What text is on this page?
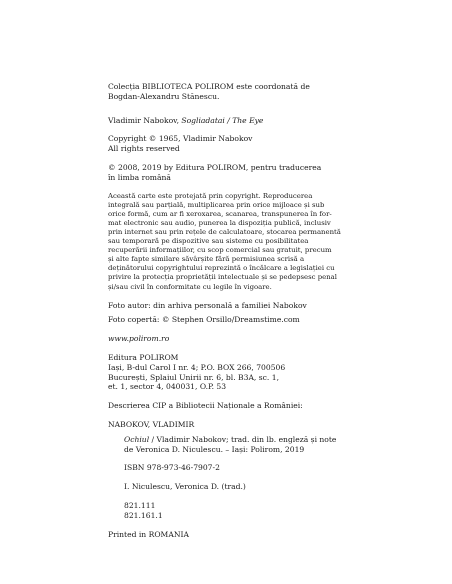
Colecția BIBLIOTECA POLIROM este coordonată de
Bogdan-Alexandru Stănescu.

Vladimir Nabokov, Sogliadatai / The Eye

Copyright © 1965, Vladimir Nabokov
All rights reserved

© 2008, 2019 by Editura POLIROM, pentru traducerea
în limba română

Această carte este protejată prin copyright. Reproducerea
integrală sau parțială, multiplicarea prin orice mijloace și sub
orice formă, cum ar fi xeroxarea, scanarea, transpunerea în for-
mat electronic sau audio, punerea la dispoziția publică, inclusiv
prin internet sau prin rețele de calculatoare, stocarea permanentă
sau temporară pe dispozitive sau sisteme cu posibilitatea
recuperării informațiilor, cu scop comercial sau gratuit, precum
și alte fapte similare săvârșite fără permisiunea scrisă a
deținătorului copyrightului reprezintă o încălcare a legislației cu
privire la protecția proprietății intelectuale și se pedepsesc penal
și/sau civil în conformitate cu legile în vigoare.

Foto autor: din arhiva personală a familiei Nabokov

Foto copertă: © Stephen Orsillo/Dreamstime.com

www.polirom.ro

Editura POLIROM
Iași, B-dul Carol I nr. 4; P.O. BOX 266, 700506
București, Splaiul Unirii nr. 6, bl. B3A, sc. 1,
et. 1, sector 4, 040031, O.P. 53

Descrierea CIP a Bibliotecii Naționale a României:

NABOKOV, VLADIMIR

Ochiul / Vladimir Nabokov; trad. din lb. engleză și note
de Veronica D. Niculescu. – Iași: Polirom, 2019

ISBN 978-973-46-7907-2

I. Niculescu, Veronica D. (trad.)

821.111
821.161.1

Printed in ROMANIA
